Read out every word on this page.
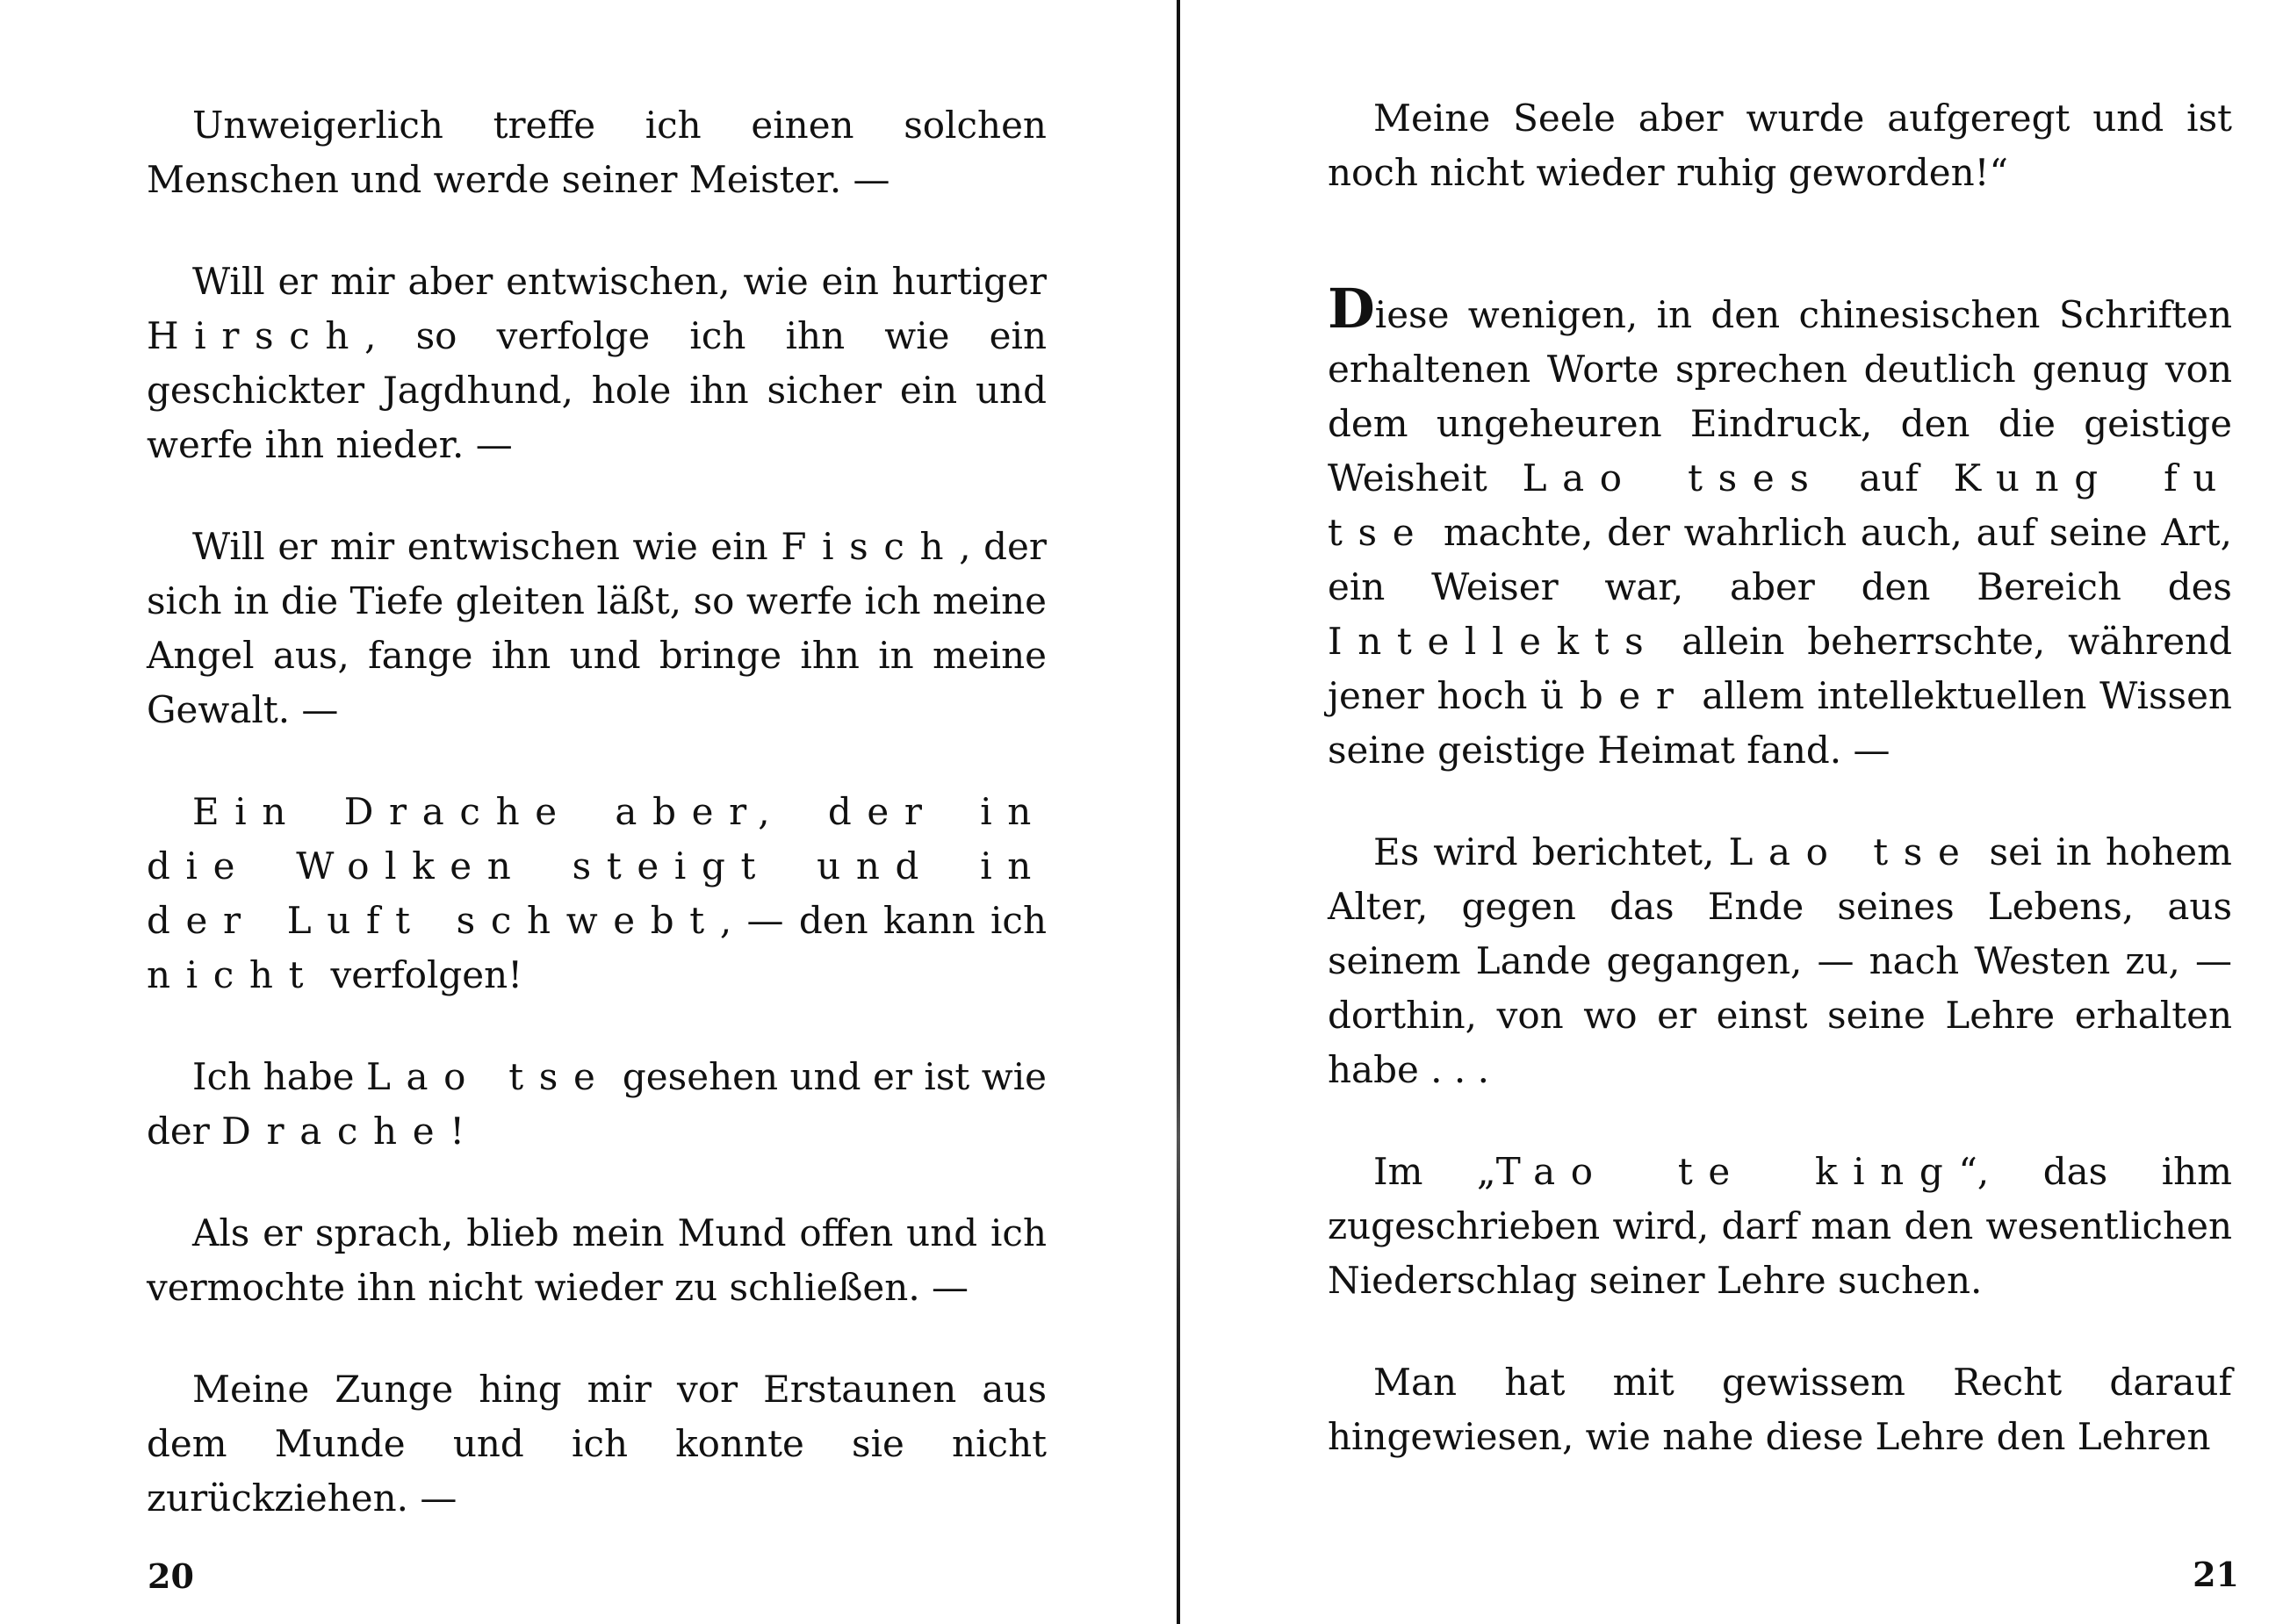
Unweigerlich treffe ich einen solchen Menschen und werde seiner Meister. —

Will er mir aber entwischen, wie ein hurtiger Hirsch, so verfolge ich ihn wie ein geschickter Jagdhund, hole ihn sicher ein und werfe ihn nieder. —

Will er mir entwischen wie ein Fisch, der sich in die Tiefe gleiten läßt, so werfe ich meine Angel aus, fange ihn und bringe ihn in meine Gewalt. —

Ein Drache aber, der in die Wolken steigt und in der Luft schwebt, — den kann ich nicht verfolgen!

Ich habe Lao tse gesehen und er ist wie der Drache!

Als er sprach, blieb mein Mund offen und ich vermochte ihn nicht wieder zu schließen. —

Meine Zunge hing mir vor Erstaunen aus dem Munde und ich konnte sie nicht zurückziehen. —

20

Meine Seele aber wurde aufgeregt und ist noch nicht wieder ruhig geworden!“

Diese wenigen, in den chinesischen Schriften erhaltenen Worte sprechen deutlich genug von dem ungeheuren Eindruck, den die geistige Weisheit Lao tses auf Kung fu tse machte, der wahrlich auch, auf seine Art, ein Weiser war, aber den Bereich des Intellekts allein beherrschte, während jener hoch über allem intellektuellen Wissen seine geistige Heimat fand. —

Es wird berichtet, Lao tse sei in hohem Alter, gegen das Ende seines Lebens, aus seinem Lande gegangen, — nach Westen zu, — dorthin, von wo er einst seine Lehre erhalten habe . . .

Im „Tao te king“, das ihm zugeschrieben wird, darf man den wesentlichen Niederschlag seiner Lehre suchen.

Man hat mit gewissem Recht darauf hingewiesen, wie nahe diese Lehre den Lehren

21
